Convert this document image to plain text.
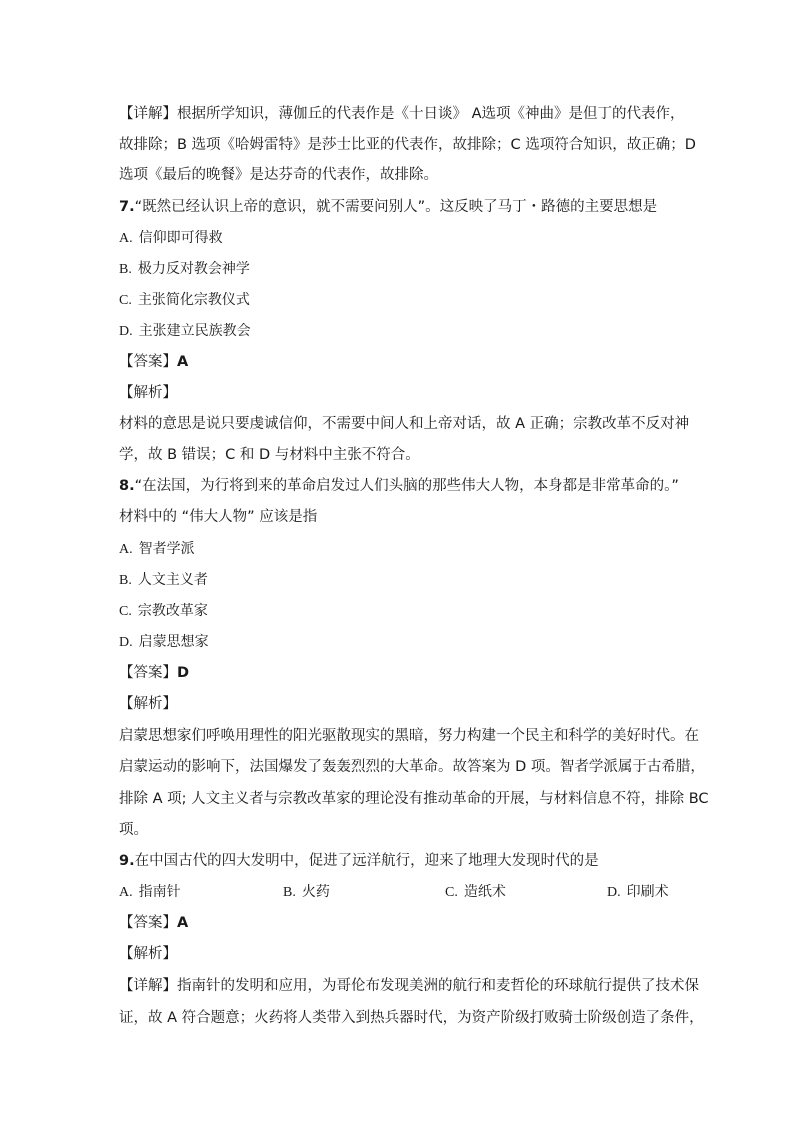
【详解】根据所学知识，薄伽丘的代表作是《十日谈》 A选项《神曲》是但丁的代表作，
故排除；B 选项《哈姆雷特》是莎士比亚的代表作，故排除；C 选项符合知识，故正确；D
选项《最后的晚餐》是达芬奇的代表作，故排除。
7.“既然已经认识上帝的意识，就不需要问别人”。这反映了马丁・路德的主要思想是
A. 信仰即可得救
B. 极力反对教会神学
C. 主张简化宗教仪式
D. 主张建立民族教会
【答案】A
【解析】
材料的意思是说只要虔诚信仰，不需要中间人和上帝对话，故 A 正确；宗教改革不反对神
学，故 B 错误；C 和 D 与材料中主张不符合。
8.“在法国，为行将到来的革命启发过人们头脑的那些伟大人物，本身都是非常革命的。”
材料中的 “伟大人物” 应该是指
A. 智者学派
B. 人文主义者
C. 宗教改革家
D. 启蒙思想家
【答案】D
【解析】
启蒙思想家们呼唤用理性的阳光驱散现实的黑暗，努力构建一个民主和科学的美好时代。在
启蒙运动的影响下，法国爆发了轰轰烈烈的大革命。故答案为 D 项。智者学派属于古希腊，
排除 A 项; 人文主义者与宗教改革家的理论没有推动革命的开展，与材料信息不符，排除 BC
项。
9.在中国古代的四大发明中，促进了远洋航行，迎来了地理大发现时代的是
A. 指南针	B. 火药	C. 造纸术	D. 印刷术
【答案】A
【解析】
【详解】指南针的发明和应用，为哥伦布发现美洲的航行和麦哲伦的环球航行提供了技术保
证，故 A 符合题意；火药将人类带入到热兵器时代，为资产阶级打败骑士阶级创造了条件，
